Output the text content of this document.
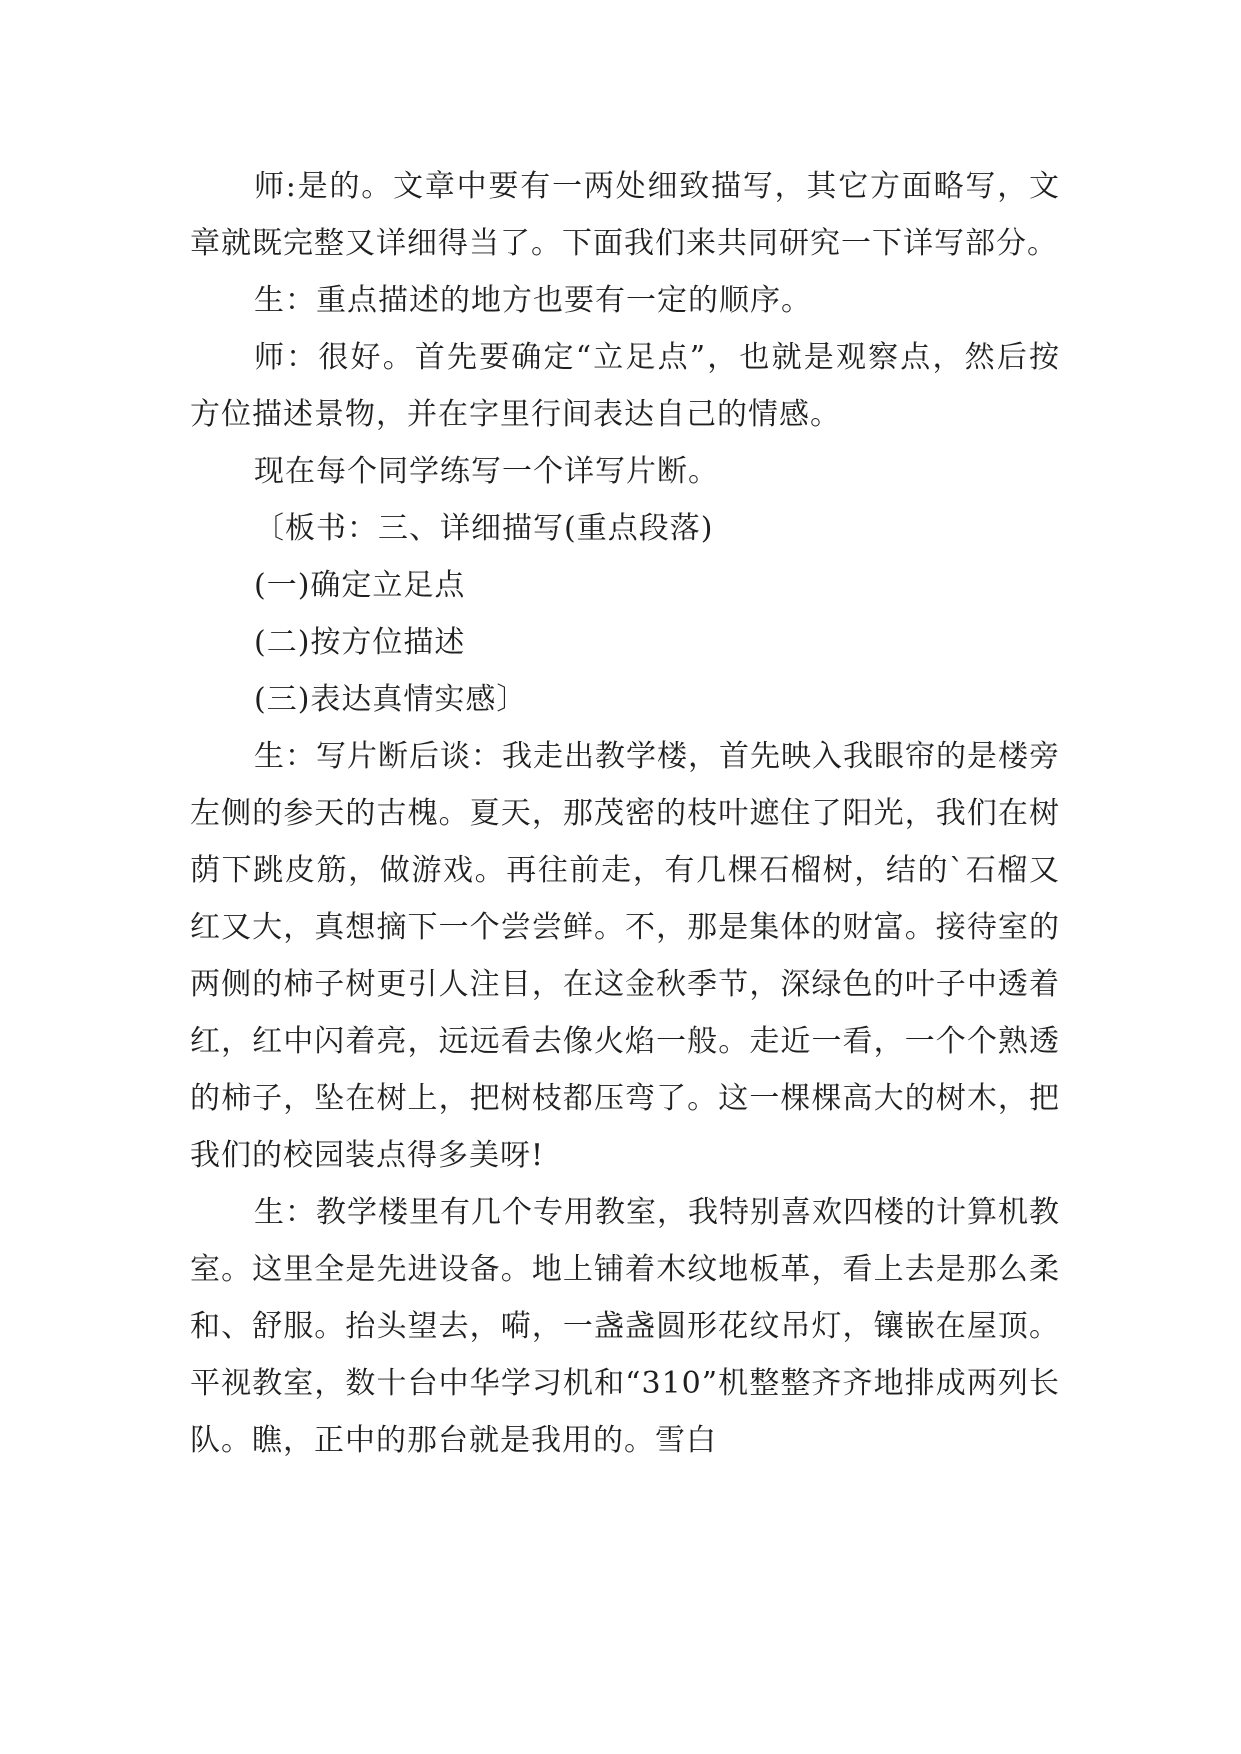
师:是的。文章中要有一两处细致描写，其它方面略写，文章就既完整又详细得当了。下面我们来共同研究一下详写部分。

生：重点描述的地方也要有一定的顺序。

师：很好。首先要确定“立足点”，也就是观察点，然后按方位描述景物，并在字里行间表达自己的情感。

现在每个同学练写一个详写片断。

〔板书：三、详细描写(重点段落)

(一)确定立足点

(二)按方位描述

(三)表达真情实感〕

生：写片断后谈：我走出教学楼，首先映入我眼帘的是楼旁左侧的参天的古槐。夏天，那茂密的枝叶遮住了阳光，我们在树荫下跳皮筋，做游戏。再往前走，有几棵石榴树，结的`石榴又红又大，真想摘下一个尝尝鲜。不，那是集体的财富。接待室的两侧的柿子树更引人注目，在这金秋季节，深绿色的叶子中透着红，红中闪着亮，远远看去像火焰一般。走近一看，一个个熟透的柿子，坠在树上，把树枝都压弯了。这一棵棵高大的树木，把我们的校园装点得多美呀!

生：教学楼里有几个专用教室，我特别喜欢四楼的计算机教室。这里全是先进设备。地上铺着木纹地板革，看上去是那么柔和、舒服。抬头望去，嗬，一盏盏圆形花纹吊灯，镶嵌在屋顶。平视教室，数十台中华学习机和“310”机整整齐齐地排成两列长队。瞧，正中的那台就是我用的。雪白
